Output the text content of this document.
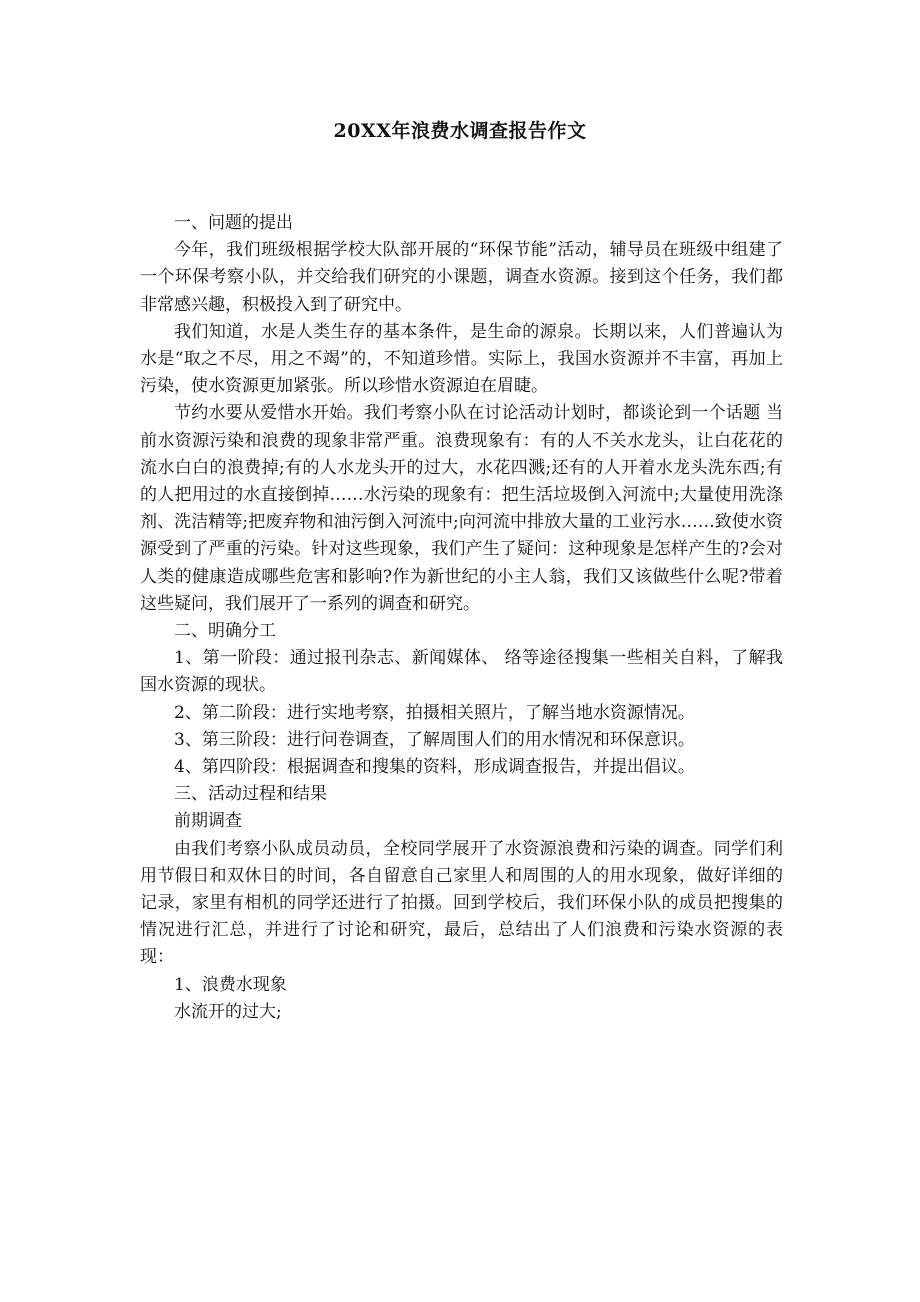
20XX年浪费水调查报告作文

一、问题的提出

今年，我们班级根据学校大队部开展的“环保节能”活动，辅导员在班级中组建了一个环保考察小队，并交给我们研究的小课题，调查水资源。接到这个任务，我们都非常感兴趣，积极投入到了研究中。

我们知道，水是人类生存的基本条件，是生命的源泉。长期以来，人们普遍认为水是“取之不尽，用之不竭”的，不知道珍惜。实际上，我国水资源并不丰富，再加上污染，使水资源更加紧张。所以珍惜水资源迫在眉睫。

节约水要从爱惜水开始。我们考察小队在讨论活动计划时，都谈论到一个话题 当前水资源污染和浪费的现象非常严重。浪费现象有：有的人不关水龙头，让白花花的流水白白的浪费掉;有的人水龙头开的过大，水花四溅;还有的人开着水龙头洗东西;有的人把用过的水直接倒掉……水污染的现象有：把生活垃圾倒入河流中;大量使用洗涤剂、洗洁精等;把废弃物和油污倒入河流中;向河流中排放大量的工业污水……致使水资源受到了严重的污染。针对这些现象，我们产生了疑问：这种现象是怎样产生的?会对人类的健康造成哪些危害和影响?作为新世纪的小主人翁，我们又该做些什么呢?带着这些疑问，我们展开了一系列的调查和研究。

二、明确分工

1、第一阶段：通过报刊杂志、新闻媒体、 络等途径搜集一些相关自料，了解我国水资源的现状。

2、第二阶段：进行实地考察，拍摄相关照片，了解当地水资源情况。

3、第三阶段：进行问卷调查，了解周围人们的用水情况和环保意识。

4、第四阶段：根据调查和搜集的资料，形成调查报告，并提出倡议。

三、活动过程和结果

前期调查

由我们考察小队成员动员，全校同学展开了水资源浪费和污染的调查。同学们利用节假日和双休日的时间，各自留意自己家里人和周围的人的用水现象，做好详细的记录，家里有相机的同学还进行了拍摄。回到学校后，我们环保小队的成员把搜集的情况进行汇总，并进行了讨论和研究，最后，总结出了人们浪费和污染水资源的表现：

1、浪费水现象

水流开的过大;
